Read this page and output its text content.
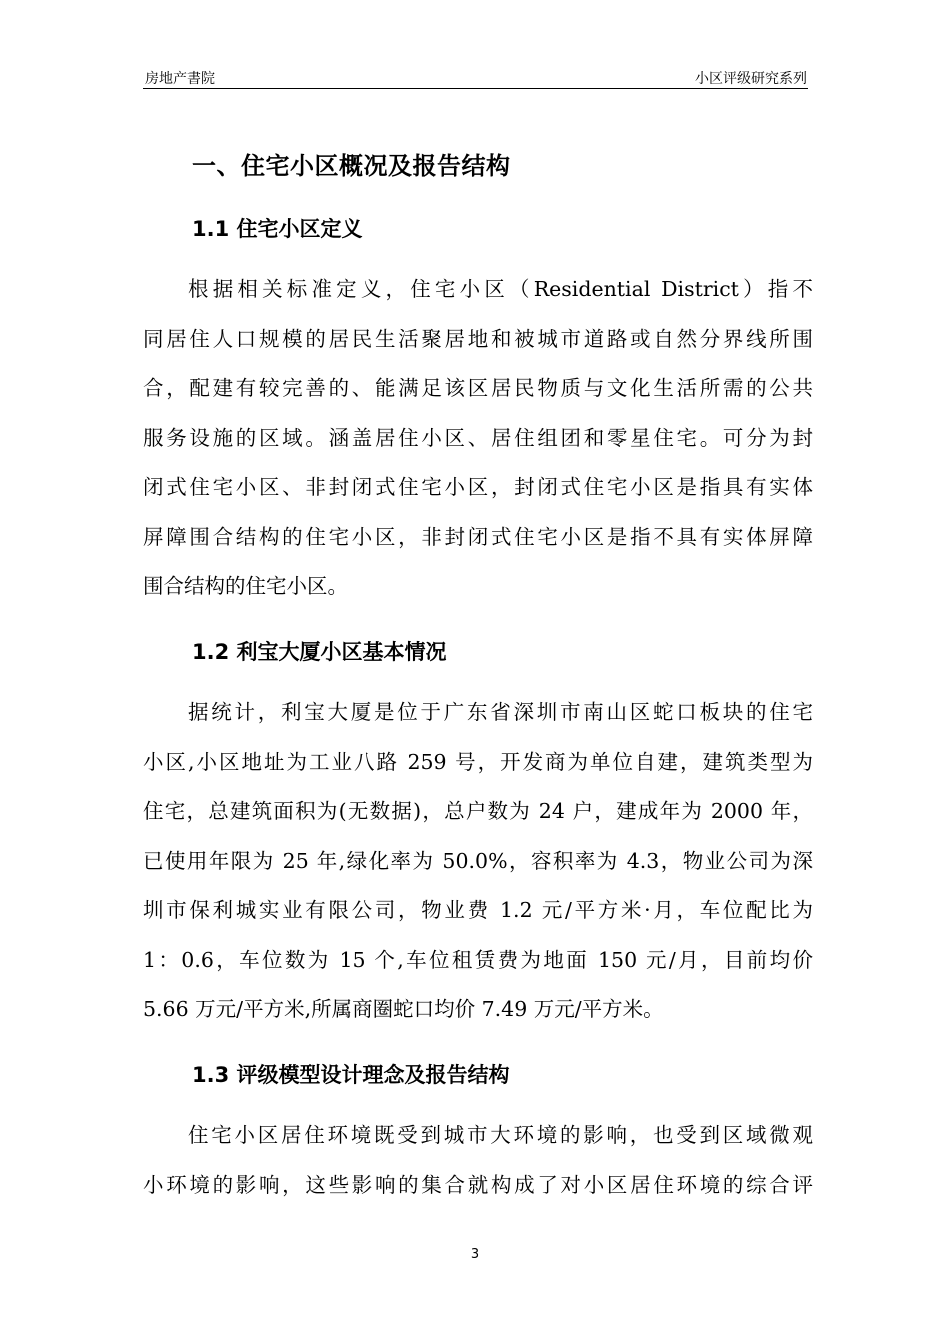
房地产書院	小区评级研究系列
一、住宅小区概况及报告结构
1.1 住宅小区定义
根据相关标准定义，住宅小区（Residential District）指不
同居住人口规模的居民生活聚居地和被城市道路或自然分界线所围
合，配建有较完善的、能满足该区居民物质与文化生活所需的公共
服务设施的区域。涵盖居住小区、居住组团和零星住宅。可分为封
闭式住宅小区、非封闭式住宅小区，封闭式住宅小区是指具有实体
屏障围合结构的住宅小区，非封闭式住宅小区是指不具有实体屏障
围合结构的住宅小区。
1.2 利宝大厦小区基本情况
据统计，利宝大厦是位于广东省深圳市南山区蛇口板块的住宅
小区,小区地址为工业八路 259 号，开发商为单位自建，建筑类型为
住宅，总建筑面积为(无数据)，总户数为 24 户，建成年为 2000 年，
已使用年限为 25 年,绿化率为 50.0%，容积率为 4.3，物业公司为深
圳市保利城实业有限公司，物业费 1.2 元/平方米·月，车位配比为
1：0.6，车位数为 15 个,车位租赁费为地面 150 元/月，目前均价
5.66 万元/平方米,所属商圈蛇口均价 7.49 万元/平方米。
1.3 评级模型设计理念及报告结构
住宅小区居住环境既受到城市大环境的影响，也受到区域微观
小环境的影响，这些影响的集合就构成了对小区居住环境的综合评
3
